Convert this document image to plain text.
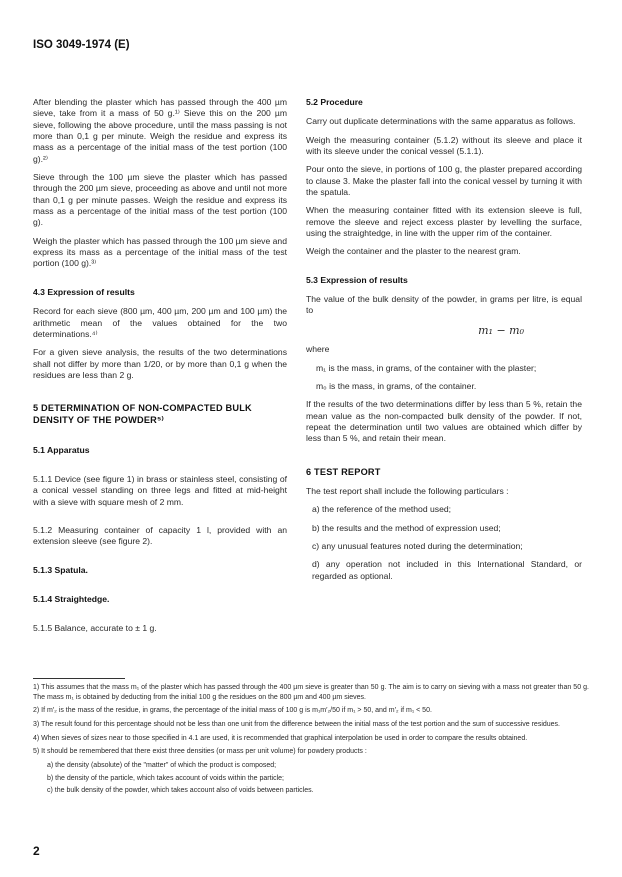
ISO 3049-1974 (E)

After blending the plaster which has passed through the 400 µm sieve, take from it a mass of 50 g.¹⁾ Sieve this on the 200 µm sieve, following the above procedure, until the mass passing is not more than 0,1 g per minute. Weigh the residue and express its mass as a percentage of the initial mass of the test portion (100 g).²⁾

Sieve through the 100 µm sieve the plaster which has passed through the 200 µm sieve, proceeding as above and until not more than 0,1 g per minute passes. Weigh the residue and express its mass as a percentage of the initial mass of the test portion (100 g).

Weigh the plaster which has passed through the 100 µm sieve and express its mass as a percentage of the initial mass of the test portion (100 g).³⁾

4.3 Expression of results

Record for each sieve (800 µm, 400 µm, 200 µm and 100 µm) the arithmetic mean of the values obtained for the two determinations.⁴⁾

For a given sieve analysis, the results of the two determinations shall not differ by more than 1/20, or by more than 0,1 g when the residues are less than 2 g.

5 DETERMINATION OF NON-COMPACTED BULK DENSITY OF THE POWDER⁵⁾
5.1 Apparatus

5.1.1 Device (see figure 1) in brass or stainless steel, consisting of a conical vessel standing on three legs and fitted at mid-height with a sieve with square mesh of 2 mm.

5.1.2 Measuring container of capacity 1 l, provided with an extension sleeve (see figure 2).

5.1.3 Spatula.
5.1.4 Straightedge.

5.1.5 Balance, accurate to ± 1 g.

5.2 Procedure

Carry out duplicate determinations with the same apparatus as follows.

Weigh the measuring container (5.1.2) without its sleeve and place it with its sleeve under the conical vessel (5.1.1).

Pour onto the sieve, in portions of 100 g, the plaster prepared according to clause 3. Make the plaster fall into the conical vessel by turning it with the spatula.

When the measuring container fitted with its extension sleeve is full, remove the sleeve and reject excess plaster by levelling the surface, using the straightedge, in line with the upper rim of the container.

Weigh the container and the plaster to the nearest gram.

5.3 Expression of results

The value of the bulk density of the powder, in grams per litre, is equal to

m₁ − m₀

where

m₁ is the mass, in grams, of the container with the plaster;

m₀ is the mass, in grams, of the container.

If the results of the two determinations differ by less than 5 %, retain the mean value as the non-compacted bulk density of the powder. If not, repeat the determination until two values are obtained which differ by less than 5 %, and retain their mean.

6 TEST REPORT

The test report shall include the following particulars :

a) the reference of the method used;

b) the results and the method of expression used;

c) any unusual features noted during the determination;

d) any operation not included in this International Standard, or regarded as optional.

1) This assumes that the mass m₁ of the plaster which has passed through the 400 µm sieve is greater than 50 g. The aim is to carry on sieving with a mass not greater than 50 g. The mass m₁ is obtained by deducting from the initial 100 g the residues on the 800 µm and 400 µm sieves.

2) If m′₂ is the mass of the residue, in grams, the percentage of the initial mass of 100 g is m₁m′₂/50 if m₁ > 50, and m′₂ if m₁ < 50.

3) The result found for this percentage should not be less than one unit from the difference between the initial mass of the test portion and the sum of successive residues.

4) When sieves of sizes near to those specified in 4.1 are used, it is recommended that graphical interpolation be used in order to compare the results obtained.

5) It should be remembered that there exist three densities (or mass per unit volume) for powdery products :

a) the density (absolute) of the "matter" of which the product is composed;

b) the density of the particle, which takes account of voids within the particle;

c) the bulk density of the powder, which takes account also of voids between particles.

2
